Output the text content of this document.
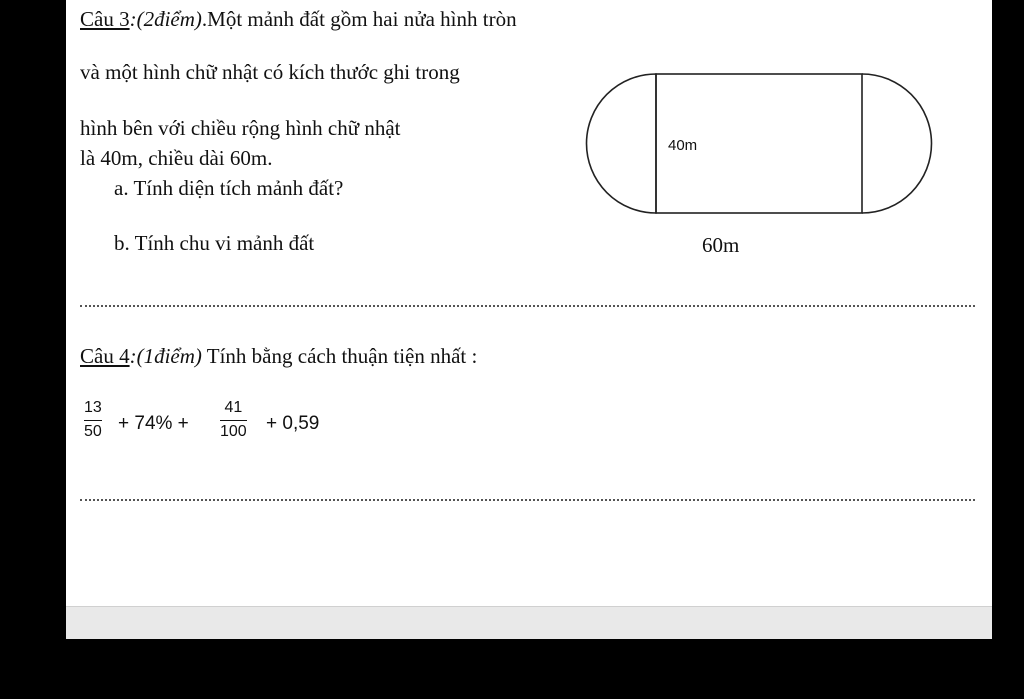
Câu 3:(2điểm).Một mảnh đất gồm hai nửa hình tròn
và một hình chữ nhật có kích thước ghi trong
hình bên với chiều rộng hình chữ nhật
là 40m, chiều dài 60m.
a. Tính diện tích mảnh đất?
b. Tính chu vi mảnh đất
40m
60m
Câu 4:(1điểm) Tính bằng cách thuận tiện nhất :
13
50 + 74% +
41
100 + 0,59
